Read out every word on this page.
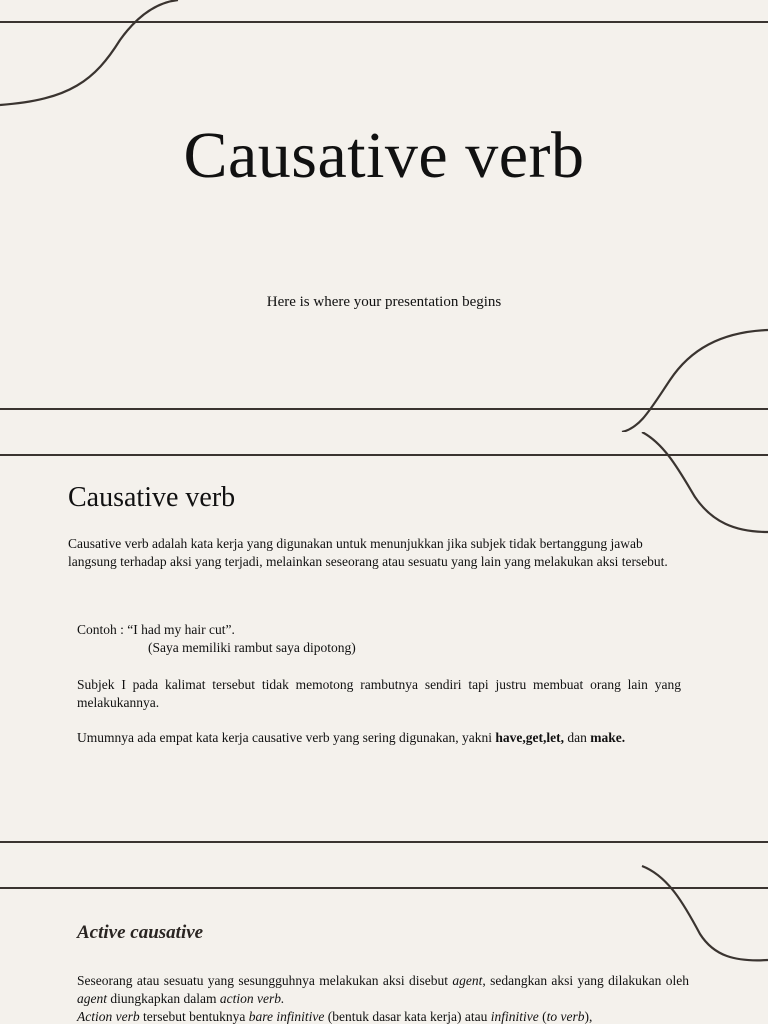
Causative verb

Here is where your presentation begins

Causative verb

Causative verb adalah kata kerja yang digunakan untuk menunjukkan jika subjek tidak bertanggung jawab langsung terhadap aksi yang terjadi, melainkan seseorang atau sesuatu yang lain yang melakukan aksi tersebut.

Contoh : “I had my hair cut”.

(Saya memiliki rambut saya dipotong)

Subjek I pada kalimat tersebut tidak memotong rambutnya sendiri tapi justru membuat orang lain yang melakukannya.

Umumnya ada empat kata kerja causative verb yang sering digunakan, yakni have,get,let, dan make.

Active causative

Seseorang atau sesuatu yang sesungguhnya melakukan aksi disebut agent, sedangkan aksi yang dilakukan oleh agent diungkapkan dalam action verb.

Action verb tersebut bentuknya bare infinitive (bentuk dasar kata kerja) atau infinitive (to verb),
